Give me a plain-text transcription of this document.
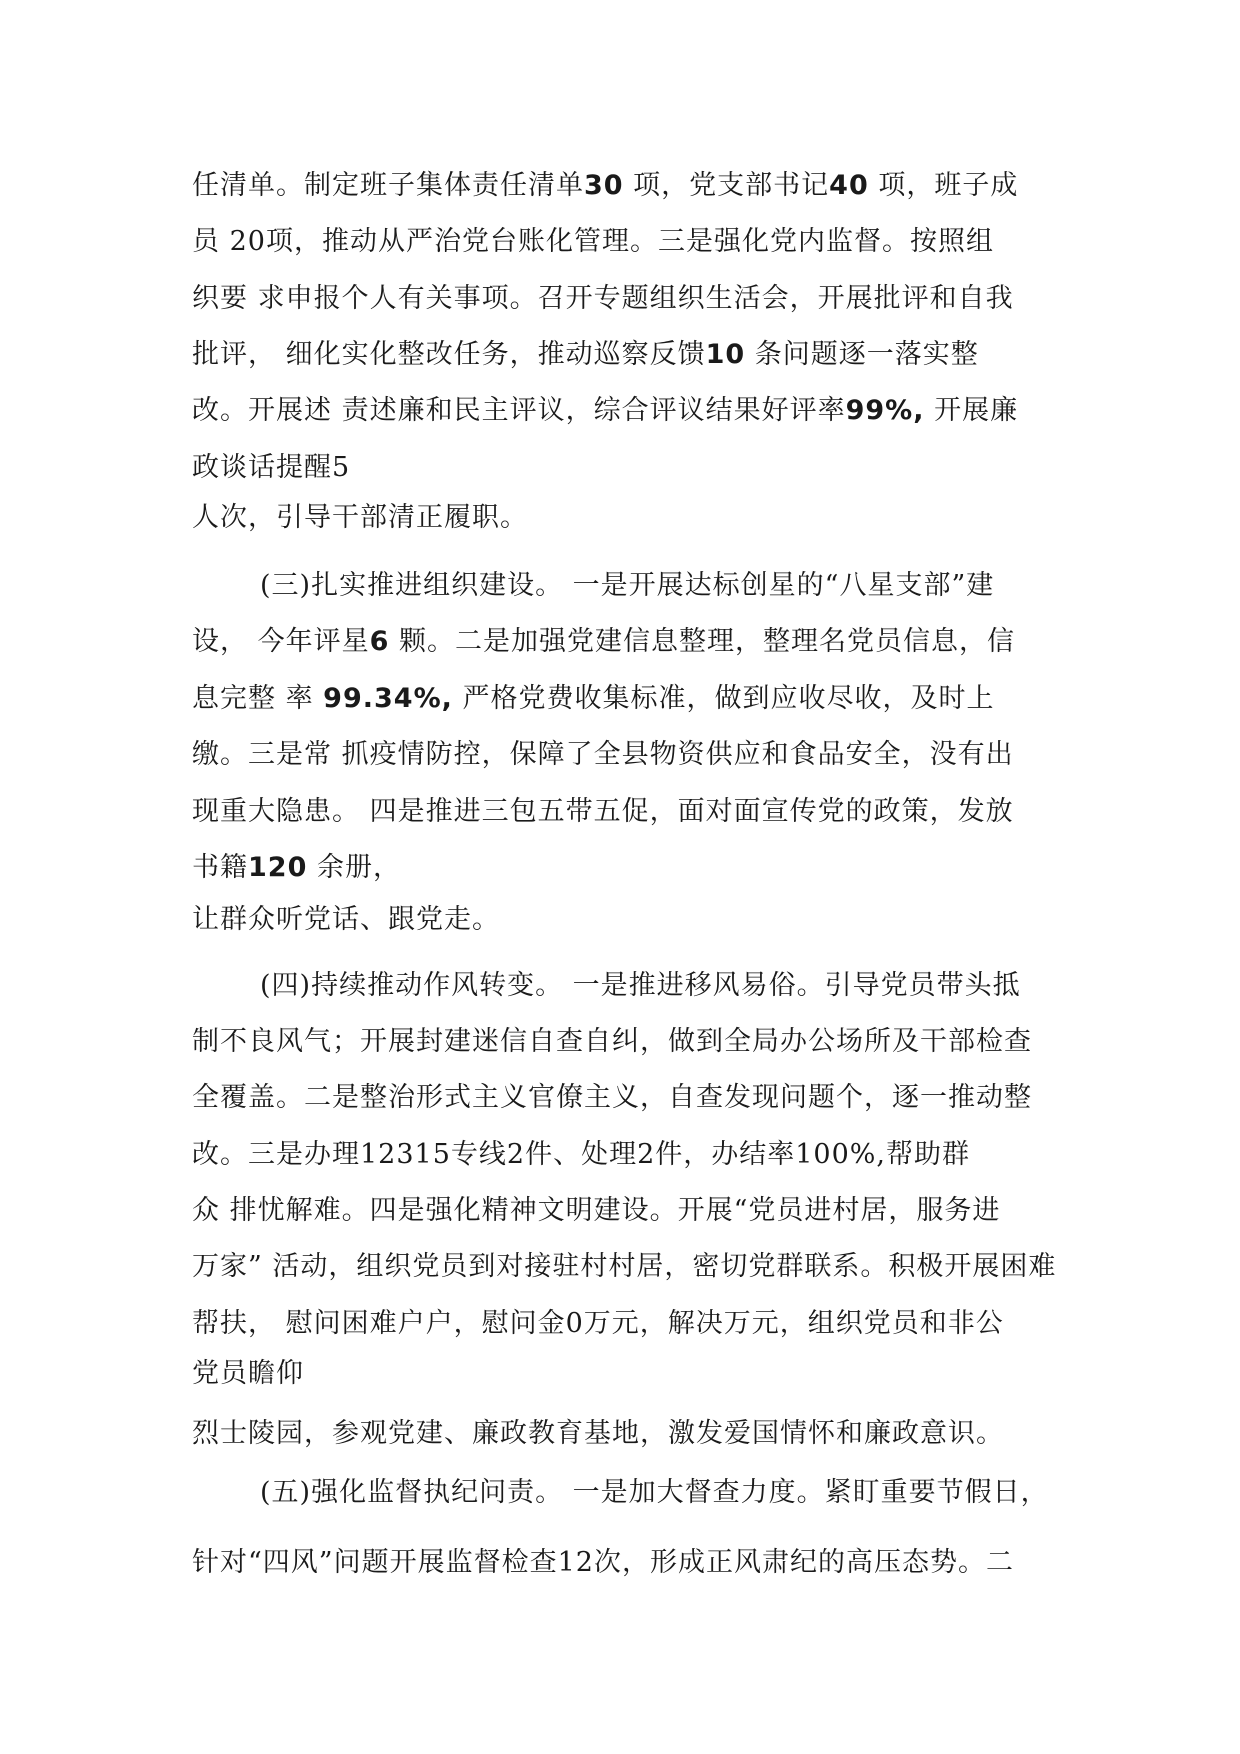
任清单。制定班子集体责任清单30 项，党支部书记40 项，班子成
员 20项，推动从严治党台账化管理。三是强化党内监督。按照组
织要 求申报个人有关事项。召开专题组织生活会，开展批评和自我
批评， 细化实化整改任务，推动巡察反馈10 条问题逐一落实整
改。开展述 责述廉和民主评议，综合评议结果好评率99%, 开展廉
政谈话提醒5
人次，引导干部清正履职。
(三)扎实推进组织建设。 一是开展达标创星的“八星支部”建
设， 今年评星6 颗。二是加强党建信息整理，整理名党员信息，信
息完整 率 99.34%, 严格党费收集标准，做到应收尽收，及时上
缴。三是常 抓疫情防控，保障了全县物资供应和食品安全，没有出
现重大隐患。 四是推进三包五带五促，面对面宣传党的政策，发放
书籍120 余册，
让群众听党话、跟党走。
(四)持续推动作风转变。 一是推进移风易俗。引导党员带头抵
制不良风气；开展封建迷信自查自纠，做到全局办公场所及干部检查
全覆盖。二是整治形式主义官僚主义，自查发现问题个，逐一推动整
改。三是办理12315专线2件、处理2件，办结率100%,帮助群
众 排忧解难。四是强化精神文明建设。开展“党员进村居，服务进
万家” 活动，组织党员到对接驻村村居，密切党群联系。积极开展困难
帮扶， 慰问困难户户，慰问金0万元，解决万元，组织党员和非公
党员瞻仰
烈士陵园，参观党建、廉政教育基地，激发爱国情怀和廉政意识。
(五)强化监督执纪问责。 一是加大督查力度。紧盯重要节假日，
针对“四风”问题开展监督检查12次，形成正风肃纪的高压态势。二
